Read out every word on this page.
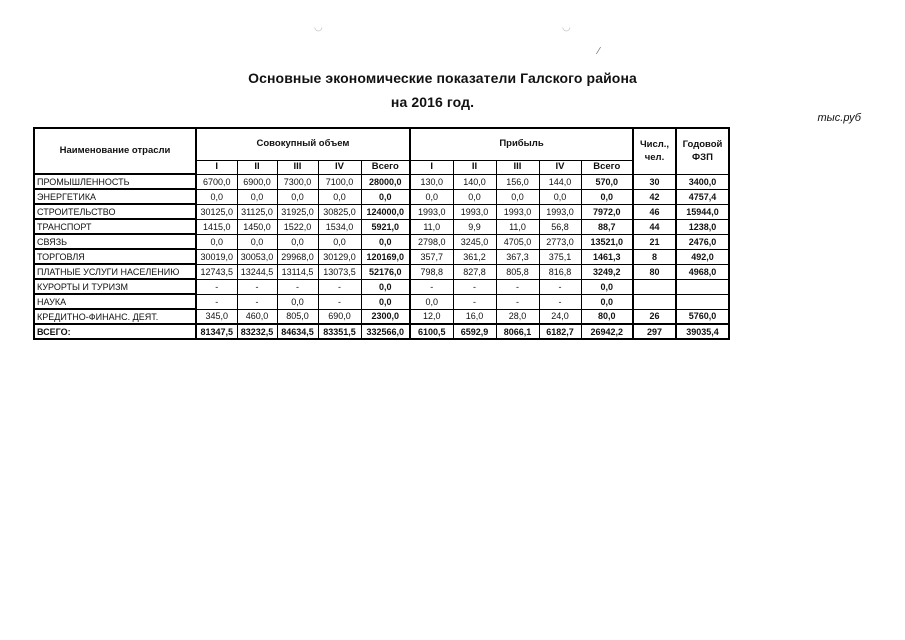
Основные экономические показатели Галского района
на 2016 год.
тыс.руб
◡	◡
⁄
Наименование отрасли	Совокупный объем					Прибыль					Числ., чел.	Годовой ФЗП
	I	II	III	IV	Всего	I	II	III	IV	Всего		
ПРОМЫШЛЕННОСТЬ	6700,0	6900,0	7300,0	7100,0	28000,0	130,0	140,0	156,0	144,0	570,0	30	3400,0
ЭНЕРГЕТИКА	0,0	0,0	0,0	0,0	0,0	0,0	0,0	0,0	0,0	0,0	42	4757,4
СТРОИТЕЛЬСТВО	30125,0	31125,0	31925,0	30825,0	124000,0	1993,0	1993,0	1993,0	1993,0	7972,0	46	15944,0
ТРАНСПОРТ	1415,0	1450,0	1522,0	1534,0	5921,0	11,0	9,9	11,0	56,8	88,7	44	1238,0
СВЯЗЬ	0,0	0,0	0,0	0,0	0,0	2798,0	3245,0	4705,0	2773,0	13521,0	21	2476,0
ТОРГОВЛЯ	30019,0	30053,0	29968,0	30129,0	120169,0	357,7	361,2	367,3	375,1	1461,3	8	492,0
ПЛАТНЫЕ УСЛУГИ НАСЕЛЕНИЮ	12743,5	13244,5	13114,5	13073,5	52176,0	798,8	827,8	805,8	816,8	3249,2	80	4968,0
КУРОРТЫ И ТУРИЗМ	-	-	-	-	0,0	-	-	-	-	0,0		
НАУКА	-	-	0,0	-	0,0	0,0	-	-	-	0,0		
КРЕДИТНО-ФИНАНС. ДЕЯТ.	345,0	460,0	805,0	690,0	2300,0	12,0	16,0	28,0	24,0	80,0	26	5760,0
ВСЕГО:	81347,5	83232,5	84634,5	83351,5	332566,0	6100,5	6592,9	8066,1	6182,7	26942,2	297	39035,4
